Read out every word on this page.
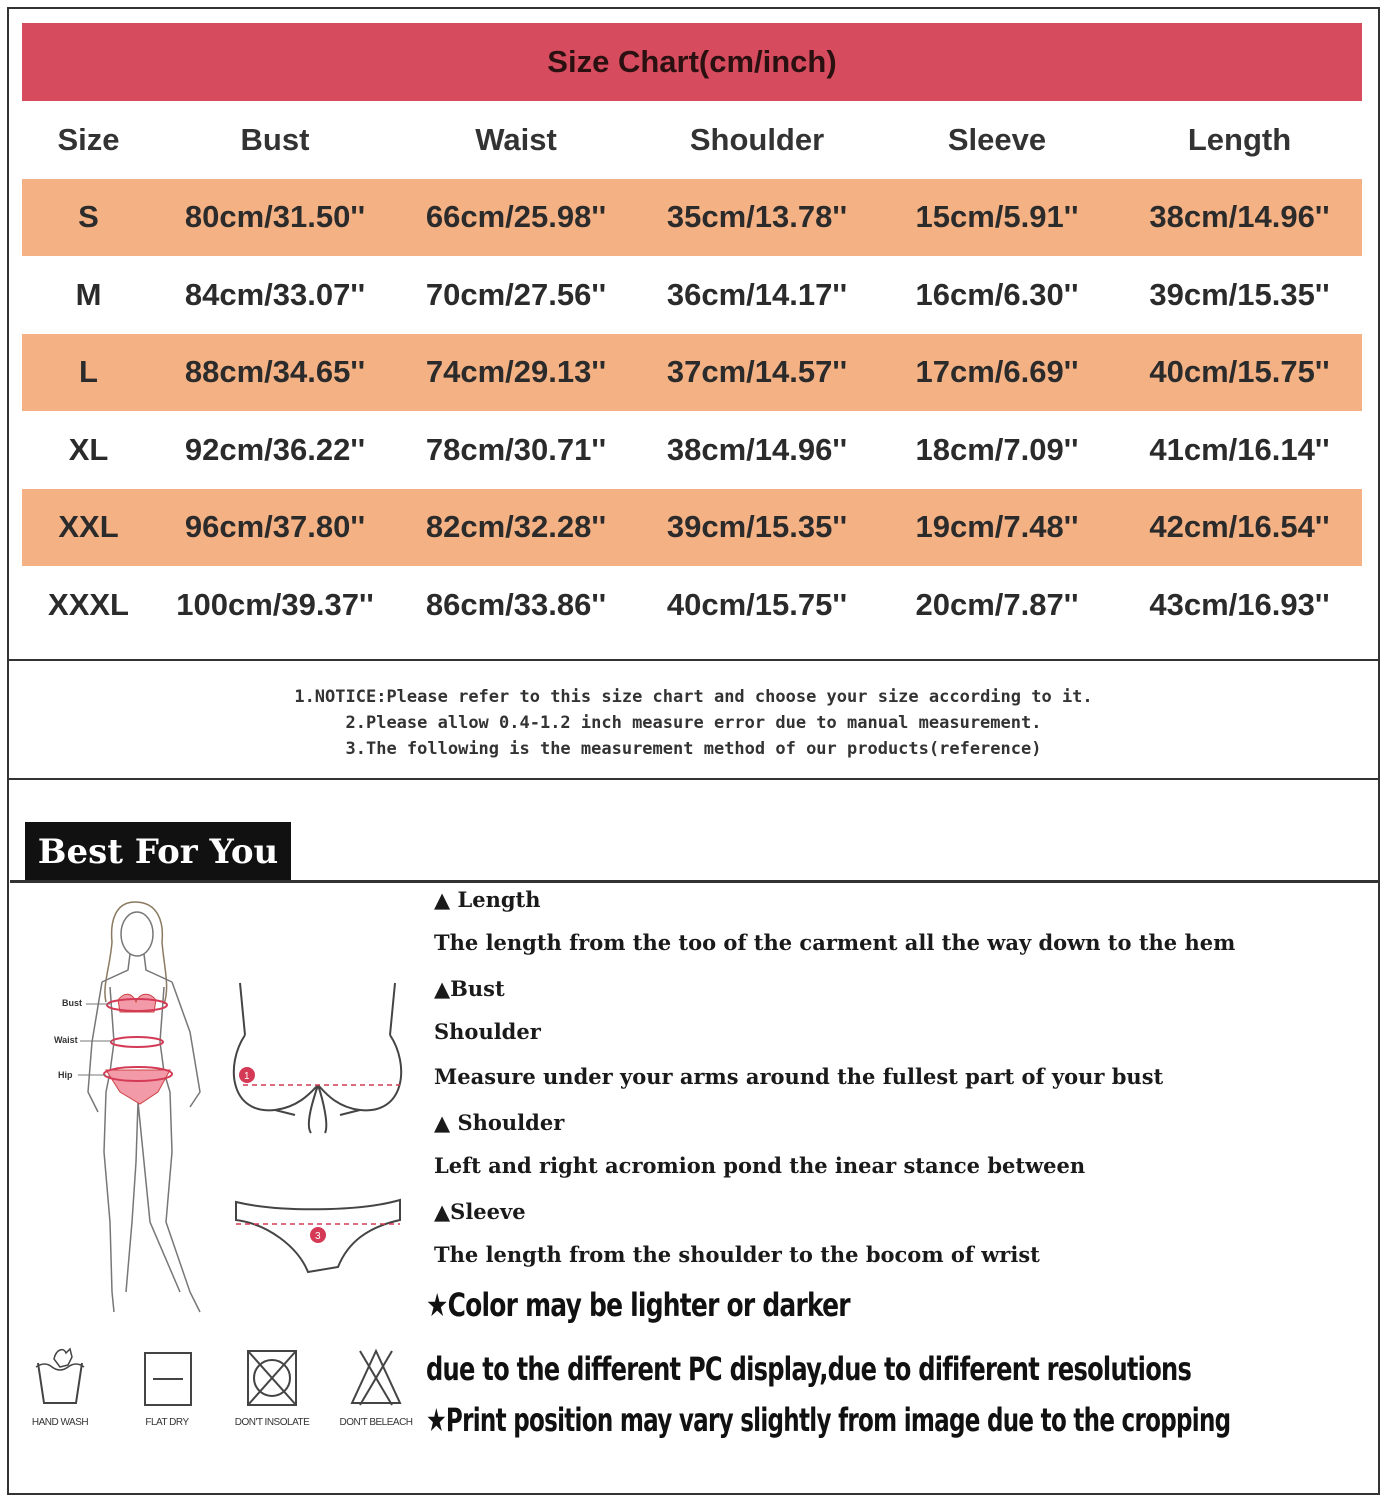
Size Chart(cm/inch)
Size	Bust	Waist	Shoulder	Sleeve	Length
S	80cm/31.50''	66cm/25.98''	35cm/13.78''	15cm/5.91''	38cm/14.96''
M	84cm/33.07''	70cm/27.56''	36cm/14.17''	16cm/6.30''	39cm/15.35''
L	88cm/34.65''	74cm/29.13''	37cm/14.57''	17cm/6.69''	40cm/15.75''
XL	92cm/36.22''	78cm/30.71''	38cm/14.96''	18cm/7.09''	41cm/16.14''
XXL	96cm/37.80''	82cm/32.28''	39cm/15.35''	19cm/7.48''	42cm/16.54''
XXXL	100cm/39.37''	86cm/33.86''	40cm/15.75''	20cm/7.87''	43cm/16.93''
1.NOTICE:Please refer to this size chart and choose your size according to it.
2.Please allow 0.4-1.2 inch measure error due to manual measurement.
3.The following is the measurement method of our products(reference)
Best For You
Bust
Waist
Hip	1
3
▲ Length
The length from the too of the carment all the way down to the hem
▲Bust
Shoulder
Measure under your arms around the fullest part of your bust
▲ Shoulder
Left and right acromion pond the inear stance between
▲Sleeve
The length from the shoulder to the bocom of wrist
★Color may be lighter or darker
due to the different PC display,due to dififerent resolutions
★Print position may vary slightly from image due to the cropping
HAND WASH	FLAT DRY	DON'T INSOLATE	DON'T BELEACH
